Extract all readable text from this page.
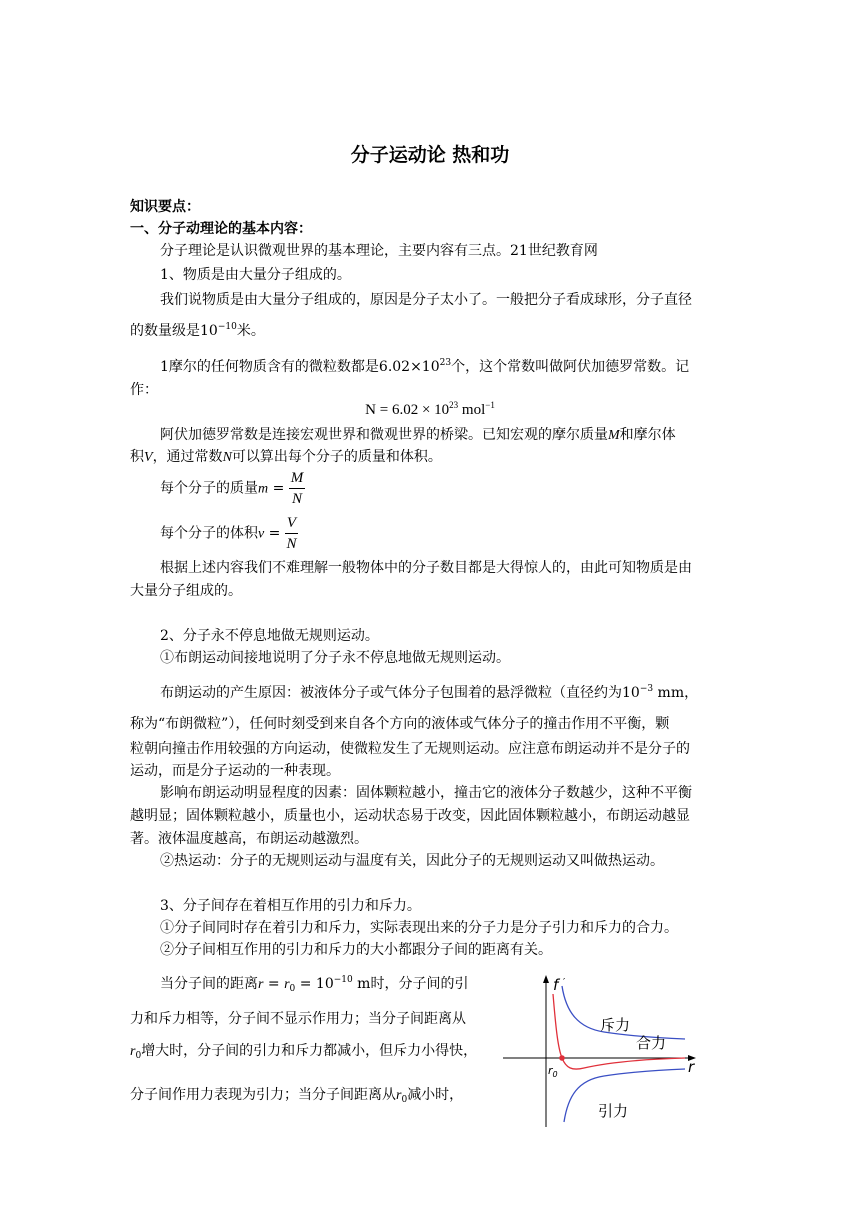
分子运动论 热和功
知识要点：
一、分子动理论的基本内容：
分子理论是认识微观世界的基本理论，主要内容有三点。21世纪教育网
1、物质是由大量分子组成的。
我们说物质是由大量分子组成的，原因是分子太小了。一般把分子看成球形，分子直径
的数量级是$10^{-10}$米。
1摩尔的任何物质含有的微粒数都是$6.02\times 10^{23}$个，这个常数叫做阿伏加德罗常数。记
作：
$N = 6.02 \times 10^{23}$ mol$^{-1}$
阿伏加德罗常数是连接宏观世界和微观世界的桥梁。已知宏观的摩尔质量M和摩尔体
积V，通过常数N可以算出每个分子的质量和体积。
每个分子的质量$m = \frac{M}{N}$
每个分子的体积$v = \frac{V}{N}$
根据上述内容我们不难理解一般物体中的分子数目都是大得惊人的，由此可知物质是由
大量分子组成的。
2、分子永不停息地做无规则运动。
①布朗运动间接地说明了分子永不停息地做无规则运动。
布朗运动的产生原因：被液体分子或气体分子包围着的悬浮微粒（直径约为$10^{-3}$ mm，
称为“布朗微粒”），任何时刻受到来自各个方向的液体或气体分子的撞击作用不平衡，颗
粒朝向撞击作用较强的方向运动，使微粒发生了无规则运动。应注意布朗运动并不是分子的
运动，而是分子运动的一种表现。
影响布朗运动明显程度的因素：固体颗粒越小，撞击它的液体分子数越少，这种不平衡
越明显；固体颗粒越小，质量也小，运动状态易于改变，因此固体颗粒越小，布朗运动越显
著。液体温度越高，布朗运动越激烈。
②热运动：分子的无规则运动与温度有关，因此分子的无规则运动又叫做热运动。
3、分子间存在着相互作用的引力和斥力。
①分子间同时存在着引力和斥力，实际表现出来的分子力是分子引力和斥力的合力。
②分子间相互作用的引力和斥力的大小都跟分子间的距离有关。
当分子间的距离$r = r_0 = 10^{-10}$ m时，分子间的引
力和斥力相等，分子间不显示作用力；当分子间距离从
$r_0$增大时，分子间的引力和斥力都减小，但斥力小得快，
分子间作用力表现为引力；当分子间距离从$r_0$减小时，
f ′
r
$r_0$
斥力
合力
引力
